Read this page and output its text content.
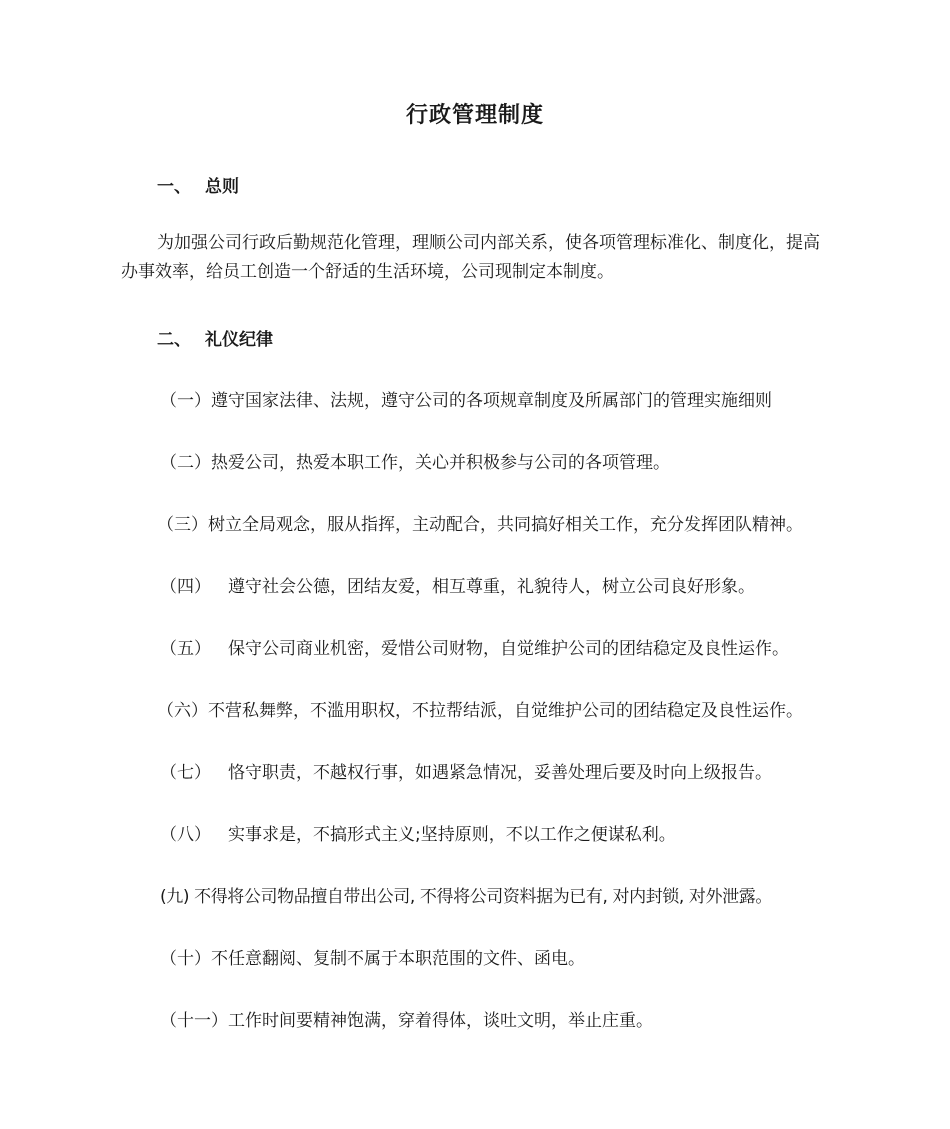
行政管理制度
一、 总则
为加强公司行政后勤规范化管理，理顺公司内部关系，使各项管理标准化、制度化，提高办事效率，给员工创造一个舒适的生活环境，公司现制定本制度。
二、 礼仪纪律
（一）遵守国家法律、法规，遵守公司的各项规章制度及所属部门的管理实施细则
（二）热爱公司，热爱本职工作，关心并积极参与公司的各项管理。
（三）树立全局观念，服从指挥，主动配合，共同搞好相关工作，充分发挥团队精神。
（四） 遵守社会公德，团结友爱，相互尊重，礼貌待人，树立公司良好形象。
（五） 保守公司商业机密，爱惜公司财物，自觉维护公司的团结稳定及良性运作。
（六）不营私舞弊，不滥用职权，不拉帮结派，自觉维护公司的团结稳定及良性运作。
（七） 恪守职责，不越权行事，如遇紧急情况，妥善处理后要及时向上级报告。
（八） 实事求是，不搞形式主义;坚持原则，不以工作之便谋私利。
(九) 不得将公司物品擅自带出公司, 不得将公司资料据为已有, 对内封锁, 对外泄露。
（十）不任意翻阅、复制不属于本职范围的文件、函电。
（十一）工作时间要精神饱满，穿着得体，谈吐文明，举止庄重。
